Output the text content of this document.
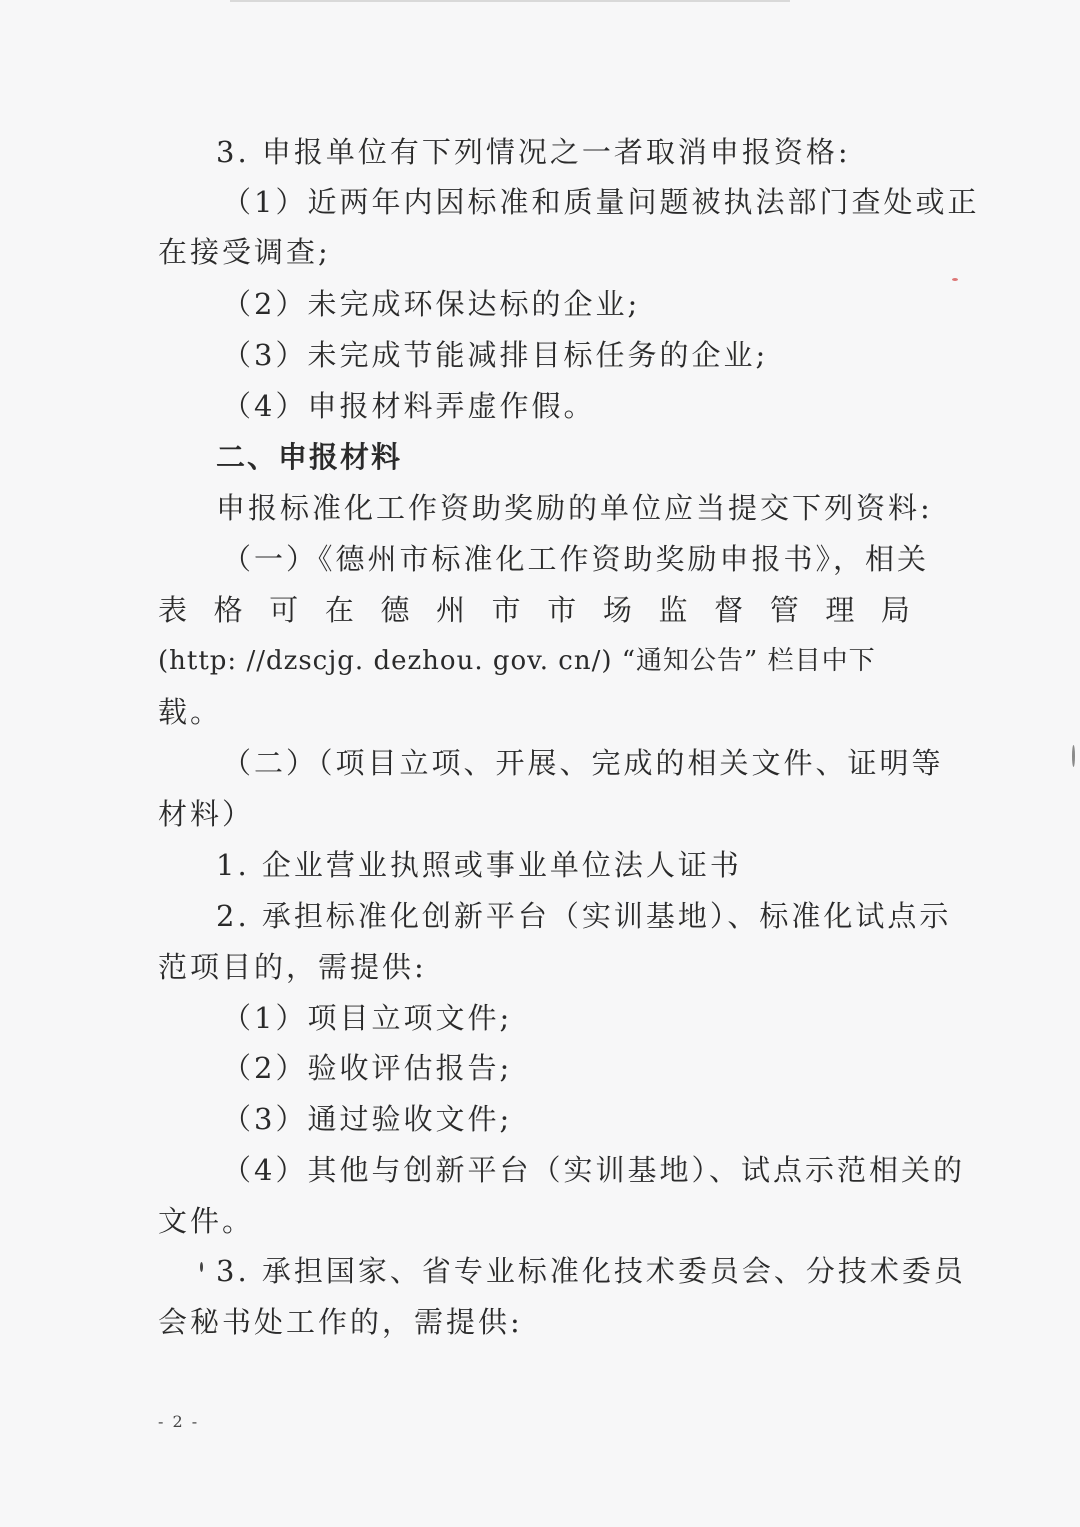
3. 申报单位有下列情况之一者取消申报资格:
（1）近两年内因标准和质量问题被执法部门查处或正
在接受调查;
（2）未完成环保达标的企业;
（3）未完成节能减排目标任务的企业;
（4）申报材料弄虚作假。
二、申报材料
申报标准化工作资助奖励的单位应当提交下列资料:
（一）《德州市标准化工作资助奖励申报书》，相关
表 格 可 在 德 州 市 市 场 监 督 管 理 局
(http: //dzscjg. dezhou. gov. cn/) “通知公告” 栏目中下
载。
（二）（项目立项、开展、完成的相关文件、证明等
材料）
1. 企业营业执照或事业单位法人证书
2. 承担标准化创新平台（实训基地）、标准化试点示
范项目的，需提供:
（1）项目立项文件;
（2）验收评估报告;
（3）通过验收文件;
（4）其他与创新平台（实训基地）、试点示范相关的
文件。
3. 承担国家、省专业标准化技术委员会、分技术委员
会秘书处工作的，需提供:
- 2 -
